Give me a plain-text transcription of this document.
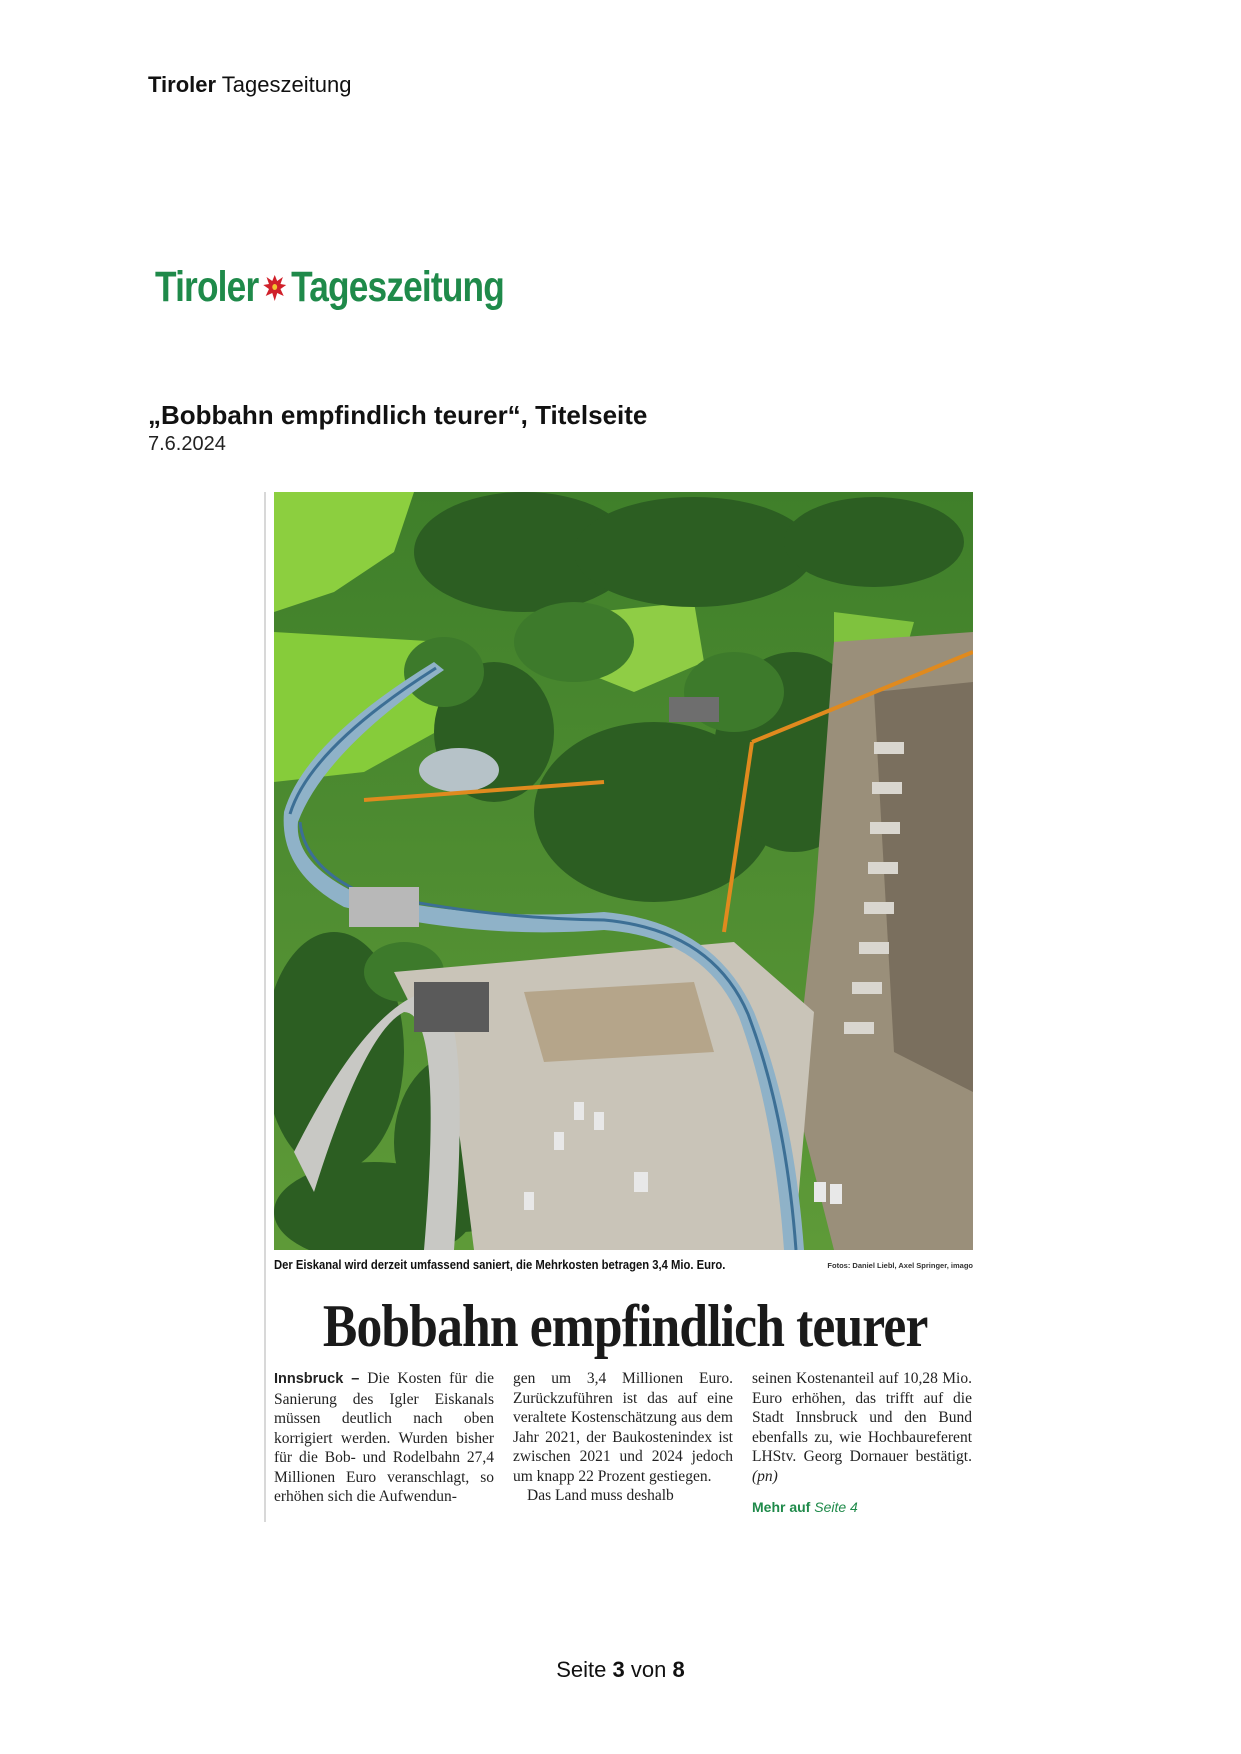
Tiroler Tageszeitung
Tiroler Tageszeitung
„Bobbahn empfindlich teurer“, Titelseite
7.6.2024
Der Eiskanal wird derzeit umfassend saniert, die Mehrkosten betragen 3,4 Mio. Euro.	Fotos: Daniel Liebl, Axel Springer, imago
Bobbahn empfindlich teurer

Innsbruck – Die Kosten für die Sanierung des Igler Eiskanals müssen deutlich nach oben korrigiert werden. Wurden bisher für die Bob- und Rodelbahn 27,4 Millionen Euro veranschlagt, so erhöhen sich die Aufwendun-

gen um 3,4 Millionen Euro. Zurückzuführen ist das auf eine veraltete Kostenschätzung aus dem Jahr 2021, der Baukostenindex ist zwischen 2021 und 2024 jedoch um knapp 22 Prozent gestiegen.

Das Land muss deshalb

seinen Kostenanteil auf 10,28 Mio. Euro erhöhen, das trifft auf die Stadt Innsbruck und den Bund ebenfalls zu, wie Hochbaureferent LHStv. Georg Dornauer bestätigt. (pn)

Mehr auf Seite 4

Seite 3 von 8
